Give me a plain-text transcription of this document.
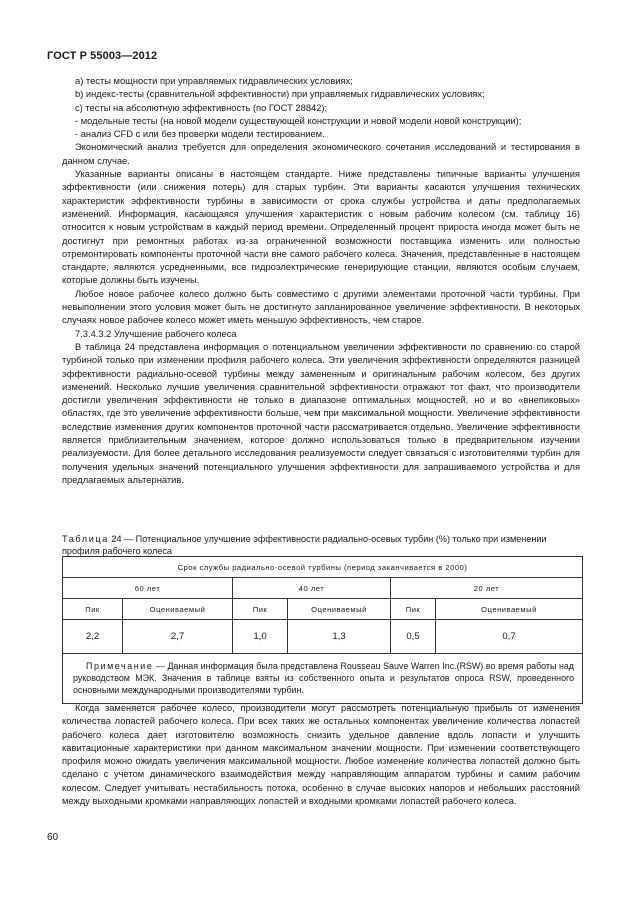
ГОСТ Р 55003—2012

а) тесты мощности при управляемых гидравлических условиях;

b) индекс-тесты (сравнительной эффективности) при управляемых гидравлических условиях;

с) тесты на абсолютную эффективность (по ГОСТ 28842);

- модельные тесты (на новой модели существующей конструкции и новой модели новой конструкции);

- анализ CFD с или без проверки модели тестированием.

Экономический анализ требуется для определения экономического сочетания исследований и тестирования в данном случае.

Указанные варианты описаны в настоящем стандарте. Ниже представлены типичные варианты улучшения эффективности (или снижения потерь) для старых турбин. Эти варианты касаются улучшения технических характеристик эффективности турбины в зависимости от срока службы устройства и даты предполагаемых изменений. Информация, касающаяся улучшения характеристик с новым рабочим колесом (см. таблицу 16) относится к новым устройствам в каждый период времени. Определенный процент прироста иногда может быть не достигнут при ремонтных работах из-за ограниченной возможности поставщика изменить или полностью отремонтировать компоненты проточной части вне самого рабочего колеса. Значения, представленные в настоящем стандарте, являются усредненными, все гидроэлектрические генерирующие станции, являются особым случаем, которые должны быть изучены.

Любое новое рабочее колесо должно быть совместимо с другими элементами проточной части турбины. При невыполнении этого условия может быть не достигнуто запланированное увеличение эффективности. В некоторых случаях новое рабочее колесо может иметь меньшую эффективность, чем старое.

7.3.4.3.2 Улучшение рабочего колеса

В таблица 24 представлена информация о потенциальном увеличении эффективности по сравнению со старой турбиной только при изменении профиля рабочего колеса. Эти увеличения эффективности определяются разницей эффективности радиально-осевой турбины между замененным и оригинальным рабочим колесом, без других изменений. Несколько лучшие увеличения сравнительной эффективности отражают тот факт, что производители достигли увеличения эффективности не только в диапазоне оптимальных мощностей, но и во «внепиковых» областях, где это увеличение эффективности больше, чем при максимальной мощности. Увеличение эффективности вследствие изменения других компонентов проточной части рассматривается отдельно. Увеличение эффективности является приблизительным значением, которое должно использоваться только в предварительном изучении реализуемости. Для более детального исследования реализуемости следует связаться с изготовителями турбин для получения удельных значений потенциального улучшения эффективности для запрашиваемого устройства и для предлагаемых альтернатив.

Таблица 24 — Потенциальное улучшение эффективности радиально-осевых турбин (%) только при изменении профиля рабочего колеса
Срок службы радиально-осевой турбины (период заканчивается в 2000)					
60 лет		40 лет		20 лет	
Пик	Оцениваемый	Пик	Оцениваемый	Пик	Оцениваемый
2,2	2,7	1,0	1,3	0,5	0,7
Примечание — Данная информация была представлена Rousseau Sauve Warren Inc.(RSW) во время работы над руководством МЭК. Значения в таблице взяты из собственного опыта и результатов опроса RSW, проведенного основными международными производителями турбин.					

Когда заменяется рабочее колесо, производители могут рассмотреть потенциальную прибыль от изменения количества лопастей рабочего колеса. При всех таких же остальных компонентах увеличение количества лопастей рабочего колеса дает изготовителю возможность снизить удельное давление вдоль лопасти и улучшить кавитационные характеристики при данном максимальном значении мощности. При изменении соответствующего профиля можно ожидать увеличения максимальной мощности. Любое изменение количества лопастей должно быть сделано с учетом динамического взаимодействия между направляющим аппаратом турбины и самим рабочим колесом. Следует учитывать нестабильность потока, особенно в случае высоких напоров и небольших расстояний между выходными кромками направляющих лопастей и входными кромками лопастей рабочего колеса.

60
